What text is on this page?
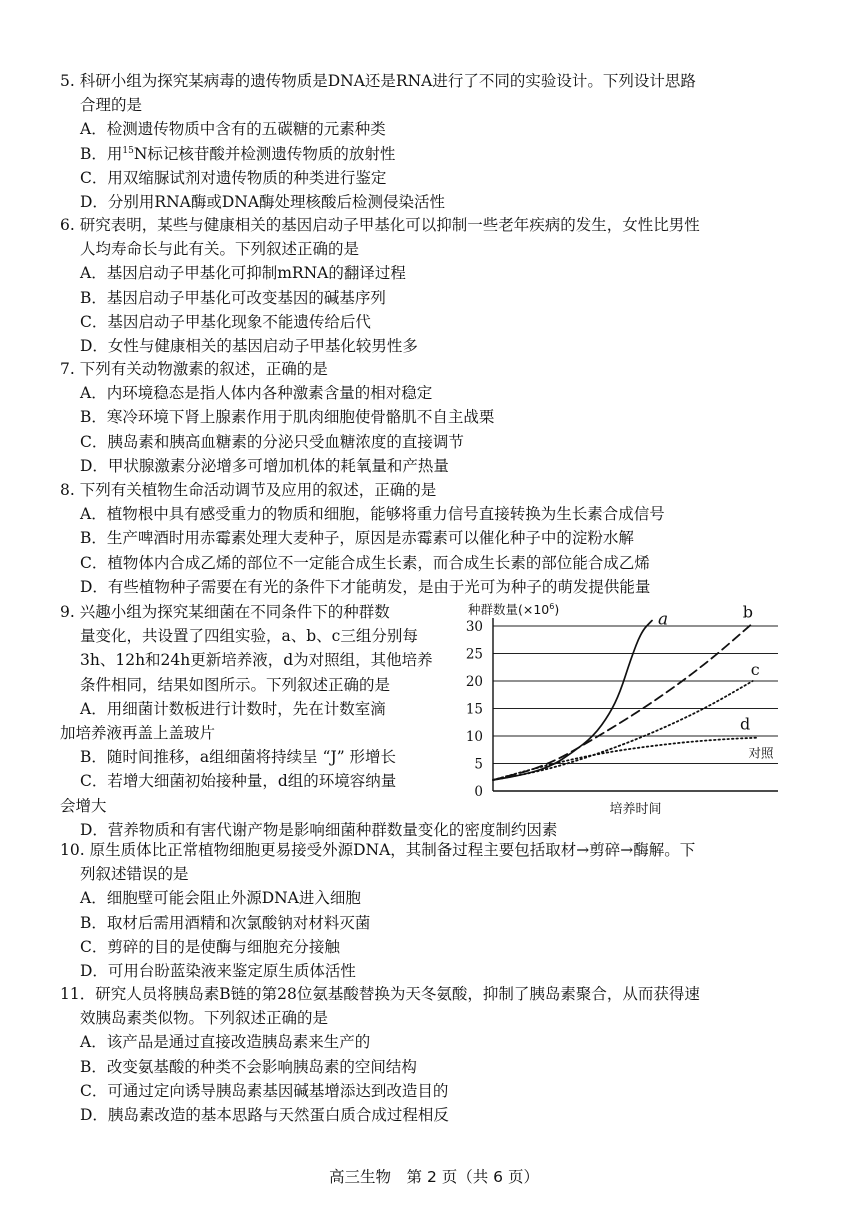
5. 科研小组为探究某病毒的遗传物质是DNA还是RNA进行了不同的实验设计。下列设计思路
合理的是
A．检测遗传物质中含有的五碳糖的元素种类
B．用$^{15}$N标记核苷酸并检测遗传物质的放射性
C．用双缩脲试剂对遗传物质的种类进行鉴定
D．分别用RNA酶或DNA酶处理核酸后检测侵染活性
6. 研究表明，某些与健康相关的基因启动子甲基化可以抑制一些老年疾病的发生，女性比男性
人均寿命长与此有关。下列叙述正确的是
A．基因启动子甲基化可抑制mRNA的翻译过程
B．基因启动子甲基化可改变基因的碱基序列
C．基因启动子甲基化现象不能遗传给后代
D．女性与健康相关的基因启动子甲基化较男性多
7. 下列有关动物激素的叙述，正确的是
A．内环境稳态是指人体内各种激素含量的相对稳定
B．寒冷环境下肾上腺素作用于肌肉细胞使骨骼肌不自主战栗
C．胰岛素和胰高血糖素的分泌只受血糖浓度的直接调节
D．甲状腺激素分泌增多可增加机体的耗氧量和产热量
8. 下列有关植物生命活动调节及应用的叙述，正确的是
A．植物根中具有感受重力的物质和细胞，能够将重力信号直接转换为生长素合成信号
B．生产啤酒时用赤霉素处理大麦种子，原因是赤霉素可以催化种子中的淀粉水解
C．植物体内合成乙烯的部位不一定能合成生长素，而合成生长素的部位能合成乙烯
D．有些植物种子需要在有光的条件下才能萌发，是由于光可为种子的萌发提供能量
9. 兴趣小组为探究某细菌在不同条件下的种群数
量变化，共设置了四组实验，a、b、c三组分别每
3h、12h和24h更新培养液，d为对照组，其他培养
条件相同，结果如图所示。下列叙述正确的是
A．用细菌计数板进行计数时，先在计数室滴
加培养液再盖上盖玻片
B．随时间推移，a组细菌将持续呈 “J” 形增长
C．若增大细菌初始接种量，d组的环境容纳量
会增大
D．营养物质和有害代谢产物是影响细菌种群数量变化的密度制约因素
10. 原生质体比正常植物细胞更易接受外源DNA，其制备过程主要包括取材→剪碎→酶解。下
列叙述错误的是
A．细胞壁可能会阻止外源DNA进入细胞
B．取材后需用酒精和次氯酸钠对材料灭菌
C．剪碎的目的是使酶与细胞充分接触
D．可用台盼蓝染液来鉴定原生质体活性
11．研究人员将胰岛素B链的第28位氨基酸替换为天冬氨酸，抑制了胰岛素聚合，从而获得速
效胰岛素类似物。下列叙述正确的是
A．该产品是通过直接改造胰岛素来生产的
B．改变氨基酸的种类不会影响胰岛素的空间结构
C．可通过定向诱导胰岛素基因碱基增添达到改造目的
D．胰岛素改造的基本思路与天然蛋白质合成过程相反
种群数量$(\times 10^6)$
0
5
10
15
20
25
30
培养时间
a	b
c
d
对照
高三生物　第 2 页（共 6 页）
